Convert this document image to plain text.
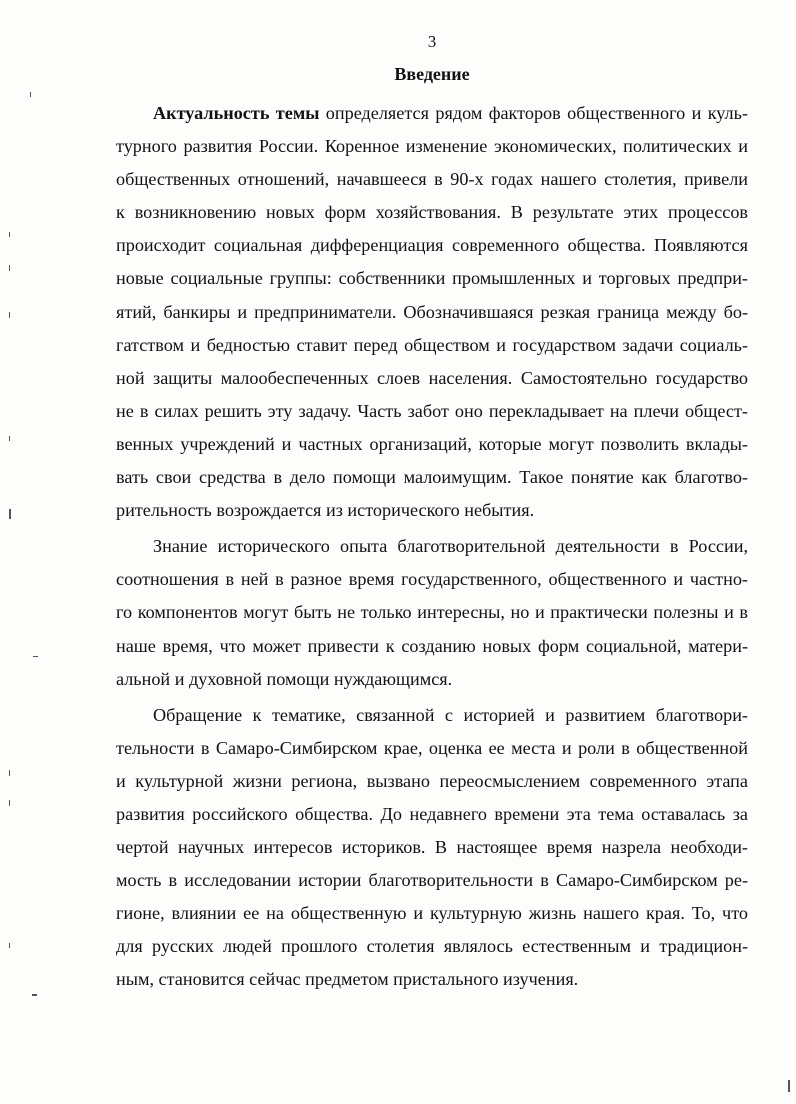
3
Введение
Актуальность темы определяется рядом факторов общественного и куль-
турного развития России. Коренное изменение экономических, политических и
общественных отношений, начавшееся в 90-х годах нашего столетия, привели
к возникновению новых форм хозяйствования. В результате этих процессов
происходит социальная дифференциация современного общества. Появляются
новые социальные группы: собственники промышленных и торговых предпри-
ятий, банкиры и предприниматели. Обозначившаяся резкая граница между бо-
гатством и бедностью ставит перед обществом и государством задачи социаль-
ной защиты малообеспеченных слоев населения. Самостоятельно государство
не в силах решить эту задачу. Часть забот оно перекладывает на плечи общест-
венных учреждений и частных организаций, которые могут позволить вклады-
вать свои средства в дело помощи малоимущим. Такое понятие как благотво-
рительность возрождается из исторического небытия.
Знание исторического опыта благотворительной деятельности в России,
соотношения в ней в разное время государственного, общественного и частно-
го компонентов могут быть не только интересны, но и практически полезны и в
наше время, что может привести к созданию новых форм социальной, матери-
альной и духовной помощи нуждающимся.
Обращение к тематике, связанной с историей и развитием благотвори-
тельности в Самаро-Симбирском крае, оценка ее места и роли в общественной
и культурной жизни региона, вызвано переосмыслением современного этапа
развития российского общества. До недавнего времени эта тема оставалась за
чертой научных интересов историков. В настоящее время назрела необходи-
мость в исследовании истории благотворительности в Самаро-Симбирском ре-
гионе, влиянии ее на общественную и культурную жизнь нашего края. То, что
для русских людей прошлого столетия являлось естественным и традицион-
ным, становится сейчас предметом пристального изучения.
